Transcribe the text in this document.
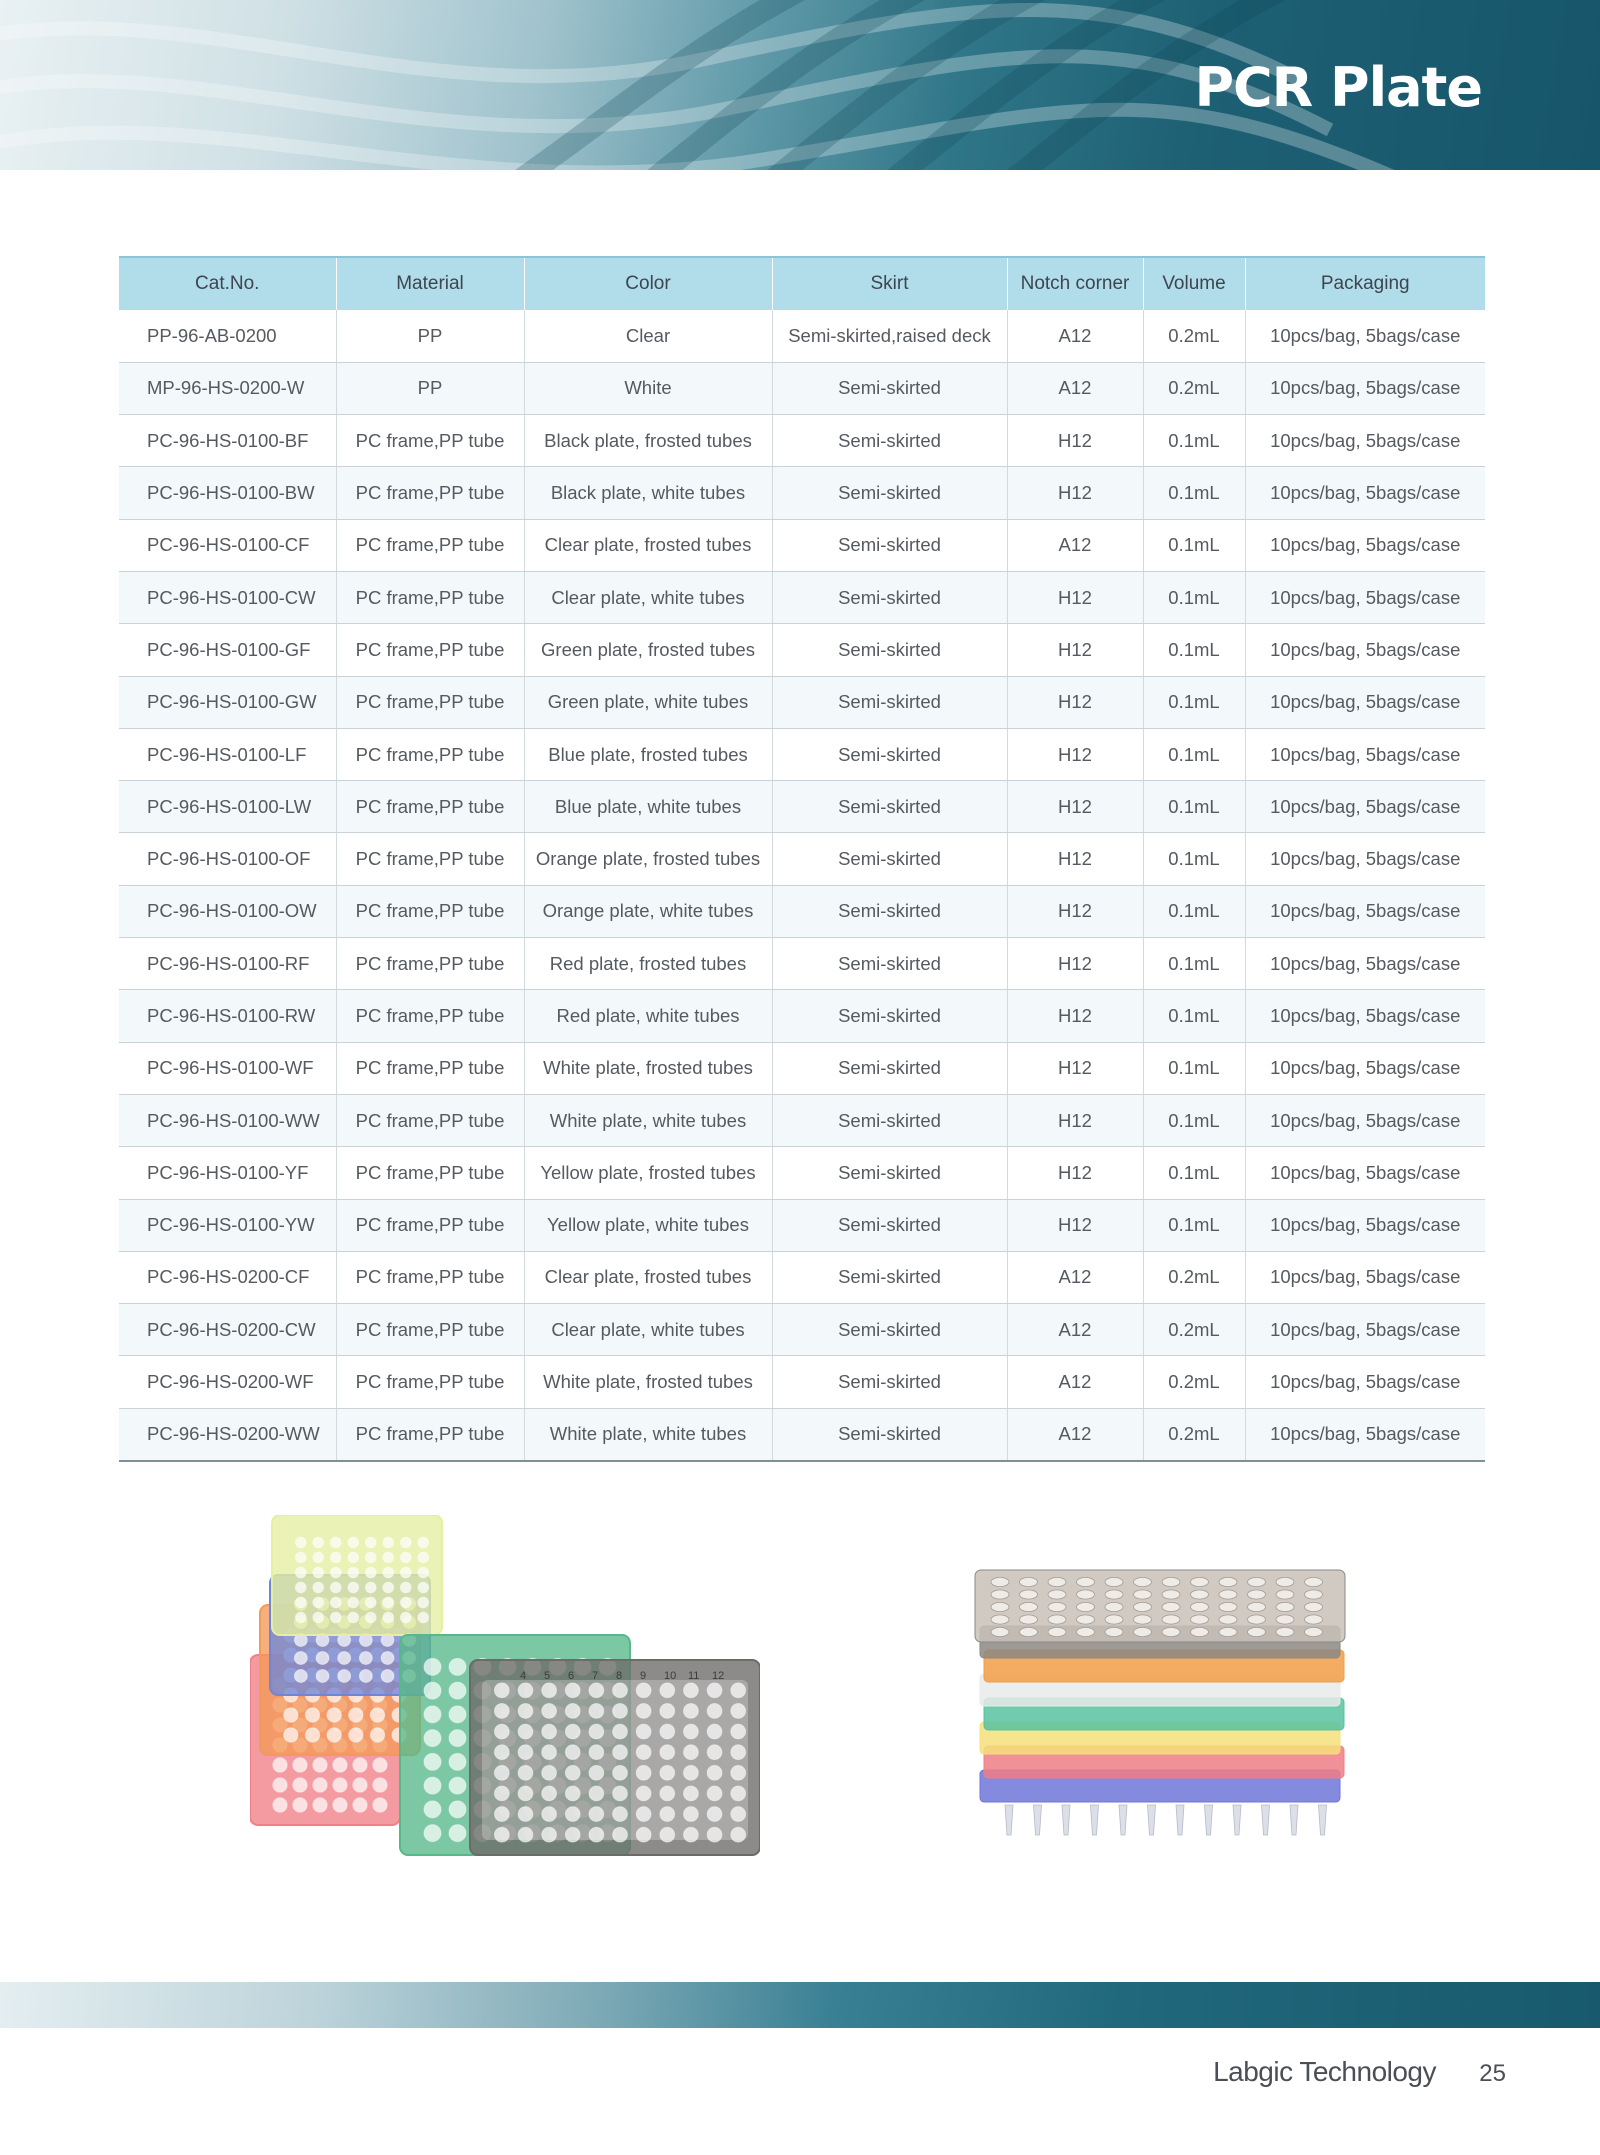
PCR Plate
Cat.No.	Material	Color	Skirt	Notch corner	Volume	Packaging
PP-96-AB-0200	PP	Clear	Semi-skirted,raised deck	A12	0.2mL	10pcs/bag, 5bags/case
MP-96-HS-0200-W	PP	White	Semi-skirted	A12	0.2mL	10pcs/bag, 5bags/case
PC-96-HS-0100-BF	PC frame,PP tube	Black plate, frosted tubes	Semi-skirted	H12	0.1mL	10pcs/bag, 5bags/case
PC-96-HS-0100-BW	PC frame,PP tube	Black plate, white tubes	Semi-skirted	H12	0.1mL	10pcs/bag, 5bags/case
PC-96-HS-0100-CF	PC frame,PP tube	Clear plate, frosted tubes	Semi-skirted	A12	0.1mL	10pcs/bag, 5bags/case
PC-96-HS-0100-CW	PC frame,PP tube	Clear plate, white tubes	Semi-skirted	H12	0.1mL	10pcs/bag, 5bags/case
PC-96-HS-0100-GF	PC frame,PP tube	Green plate, frosted tubes	Semi-skirted	H12	0.1mL	10pcs/bag, 5bags/case
PC-96-HS-0100-GW	PC frame,PP tube	Green plate, white tubes	Semi-skirted	H12	0.1mL	10pcs/bag, 5bags/case
PC-96-HS-0100-LF	PC frame,PP tube	Blue plate, frosted tubes	Semi-skirted	H12	0.1mL	10pcs/bag, 5bags/case
PC-96-HS-0100-LW	PC frame,PP tube	Blue plate, white tubes	Semi-skirted	H12	0.1mL	10pcs/bag, 5bags/case
PC-96-HS-0100-OF	PC frame,PP tube	Orange plate, frosted tubes	Semi-skirted	H12	0.1mL	10pcs/bag, 5bags/case
PC-96-HS-0100-OW	PC frame,PP tube	Orange plate, white tubes	Semi-skirted	H12	0.1mL	10pcs/bag, 5bags/case
PC-96-HS-0100-RF	PC frame,PP tube	Red plate, frosted tubes	Semi-skirted	H12	0.1mL	10pcs/bag, 5bags/case
PC-96-HS-0100-RW	PC frame,PP tube	Red plate, white tubes	Semi-skirted	H12	0.1mL	10pcs/bag, 5bags/case
PC-96-HS-0100-WF	PC frame,PP tube	White plate, frosted tubes	Semi-skirted	H12	0.1mL	10pcs/bag, 5bags/case
PC-96-HS-0100-WW	PC frame,PP tube	White plate, white tubes	Semi-skirted	H12	0.1mL	10pcs/bag, 5bags/case
PC-96-HS-0100-YF	PC frame,PP tube	Yellow plate, frosted tubes	Semi-skirted	H12	0.1mL	10pcs/bag, 5bags/case
PC-96-HS-0100-YW	PC frame,PP tube	Yellow plate, white tubes	Semi-skirted	H12	0.1mL	10pcs/bag, 5bags/case
PC-96-HS-0200-CF	PC frame,PP tube	Clear plate, frosted tubes	Semi-skirted	A12	0.2mL	10pcs/bag, 5bags/case
PC-96-HS-0200-CW	PC frame,PP tube	Clear plate, white tubes	Semi-skirted	A12	0.2mL	10pcs/bag, 5bags/case
PC-96-HS-0200-WF	PC frame,PP tube	White plate, frosted tubes	Semi-skirted	A12	0.2mL	10pcs/bag, 5bags/case
PC-96-HS-0200-WW	PC frame,PP tube	White plate, white tubes	Semi-skirted	A12	0.2mL	10pcs/bag, 5bags/case
4 5 6 7 8 9 10 11 12
Labgic Technology 25
